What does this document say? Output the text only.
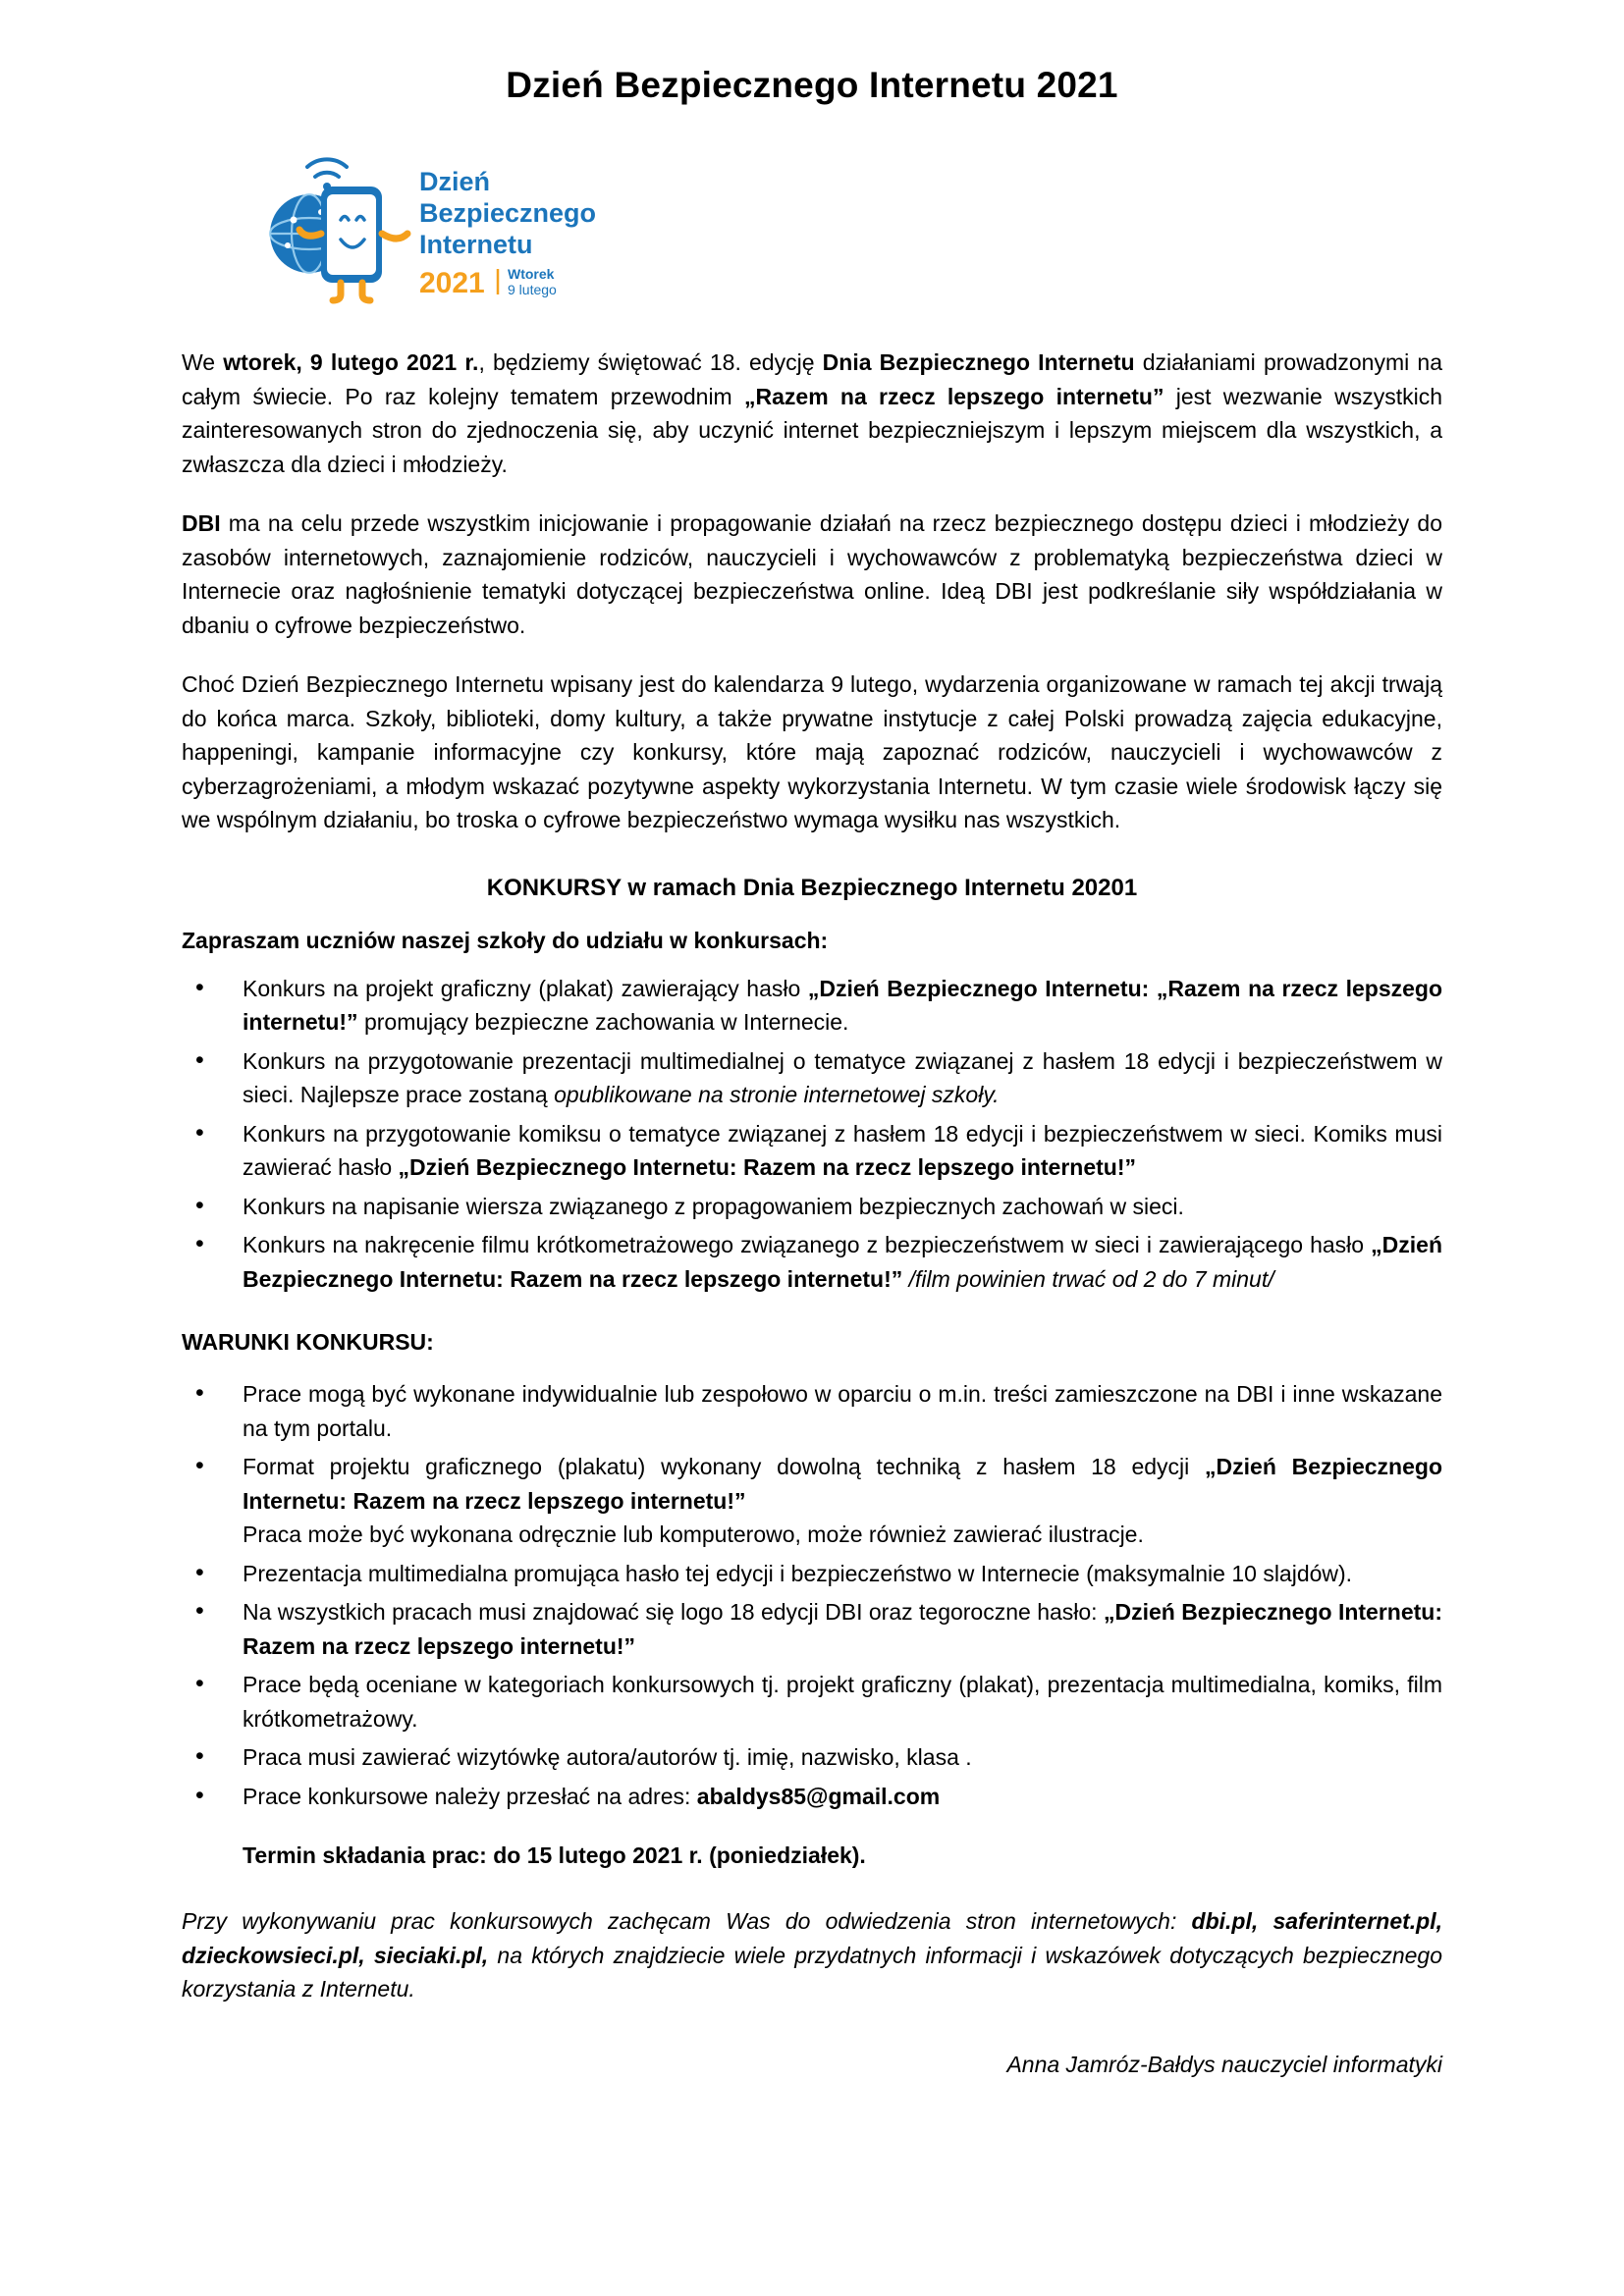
Dzień Bezpiecznego Internetu 2021
Dzień
Bezpiecznego
Internetu
2021 Wtorek
9 lutego

We wtorek, 9 lutego 2021 r., będziemy świętować 18. edycję Dnia Bezpiecznego Internetu działaniami prowadzonymi na całym świecie. Po raz kolejny tematem przewodnim „Razem na rzecz lepszego internetu” jest wezwanie wszystkich zainteresowanych stron do zjednoczenia się, aby uczynić internet bezpieczniejszym i lepszym miejscem dla wszystkich, a zwłaszcza dla dzieci i młodzieży.

DBI ma na celu przede wszystkim inicjowanie i propagowanie działań na rzecz bezpiecznego dostępu dzieci i młodzieży do zasobów internetowych, zaznajomienie rodziców, nauczycieli i wychowawców z problematyką bezpieczeństwa dzieci w Internecie oraz nagłośnienie tematyki dotyczącej bezpieczeństwa online. Ideą DBI jest podkreślanie siły współdziałania w dbaniu o cyfrowe bezpieczeństwo.

Choć Dzień Bezpiecznego Internetu wpisany jest do kalendarza 9 lutego, wydarzenia organizowane w ramach tej akcji trwają do końca marca. Szkoły, biblioteki, domy kultury, a także prywatne instytucje z całej Polski prowadzą zajęcia edukacyjne, happeningi, kampanie informacyjne czy konkursy, które mają zapoznać rodziców, nauczycieli i wychowawców z cyberzagrożeniami, a młodym wskazać pozytywne aspekty wykorzystania Internetu. W tym czasie wiele środowisk łączy się we wspólnym działaniu, bo troska o cyfrowe bezpieczeństwo wymaga wysiłku nas wszystkich.

KONKURSY w ramach Dnia Bezpiecznego Internetu 20201
Zapraszam uczniów naszej szkoły do udziału w konkursach:
• Konkurs na projekt graficzny (plakat) zawierający hasło „Dzień Bezpiecznego Internetu: „Razem na rzecz lepszego internetu!” promujący bezpieczne zachowania w Internecie.
• Konkurs na przygotowanie prezentacji multimedialnej o tematyce związanej z hasłem 18 edycji i bezpieczeństwem w sieci. Najlepsze prace zostaną opublikowane na stronie internetowej szkoły.
• Konkurs na przygotowanie komiksu o tematyce związanej z hasłem 18 edycji i bezpieczeństwem w sieci. Komiks musi zawierać hasło „Dzień Bezpiecznego Internetu: Razem na rzecz lepszego internetu!”
• Konkurs na napisanie wiersza związanego z propagowaniem bezpiecznych zachowań w sieci.
• Konkurs na nakręcenie filmu krótkometrażowego związanego z bezpieczeństwem w sieci i zawierającego hasło „Dzień Bezpiecznego Internetu: Razem na rzecz lepszego internetu!” /film powinien trwać od 2 do 7 minut/
WARUNKI KONKURSU:
• Prace mogą być wykonane indywidualnie lub zespołowo w oparciu o m.in. treści zamieszczone na DBI i inne wskazane na tym portalu.
• Format projektu graficznego (plakatu) wykonany dowolną techniką z hasłem 18 edycji „Dzień Bezpiecznego Internetu: Razem na rzecz lepszego internetu!”
Praca może być wykonana odręcznie lub komputerowo, może również zawierać ilustracje.
• Prezentacja multimedialna promująca hasło tej edycji i bezpieczeństwo w Internecie (maksymalnie 10 slajdów).
• Na wszystkich pracach musi znajdować się logo 18 edycji DBI oraz tegoroczne hasło: „Dzień Bezpiecznego Internetu: Razem na rzecz lepszego internetu!”
• Prace będą oceniane w kategoriach konkursowych tj. projekt graficzny (plakat), prezentacja multimedialna, komiks, film krótkometrażowy.
• Praca musi zawierać wizytówkę autora/autorów tj. imię, nazwisko, klasa .
• Prace konkursowe należy przesłać na adres: abaldys85@gmail.com
Termin składania prac: do 15 lutego 2021 r. (poniedziałek).

Przy wykonywaniu prac konkursowych zachęcam Was do odwiedzenia stron internetowych: dbi.pl, saferinternet.pl, dzieckowsieci.pl, sieciaki.pl, na których znajdziecie wiele przydatnych informacji i wskazówek dotyczących bezpiecznego korzystania z Internetu.

Anna Jamróz-Bałdys nauczyciel informatyki
